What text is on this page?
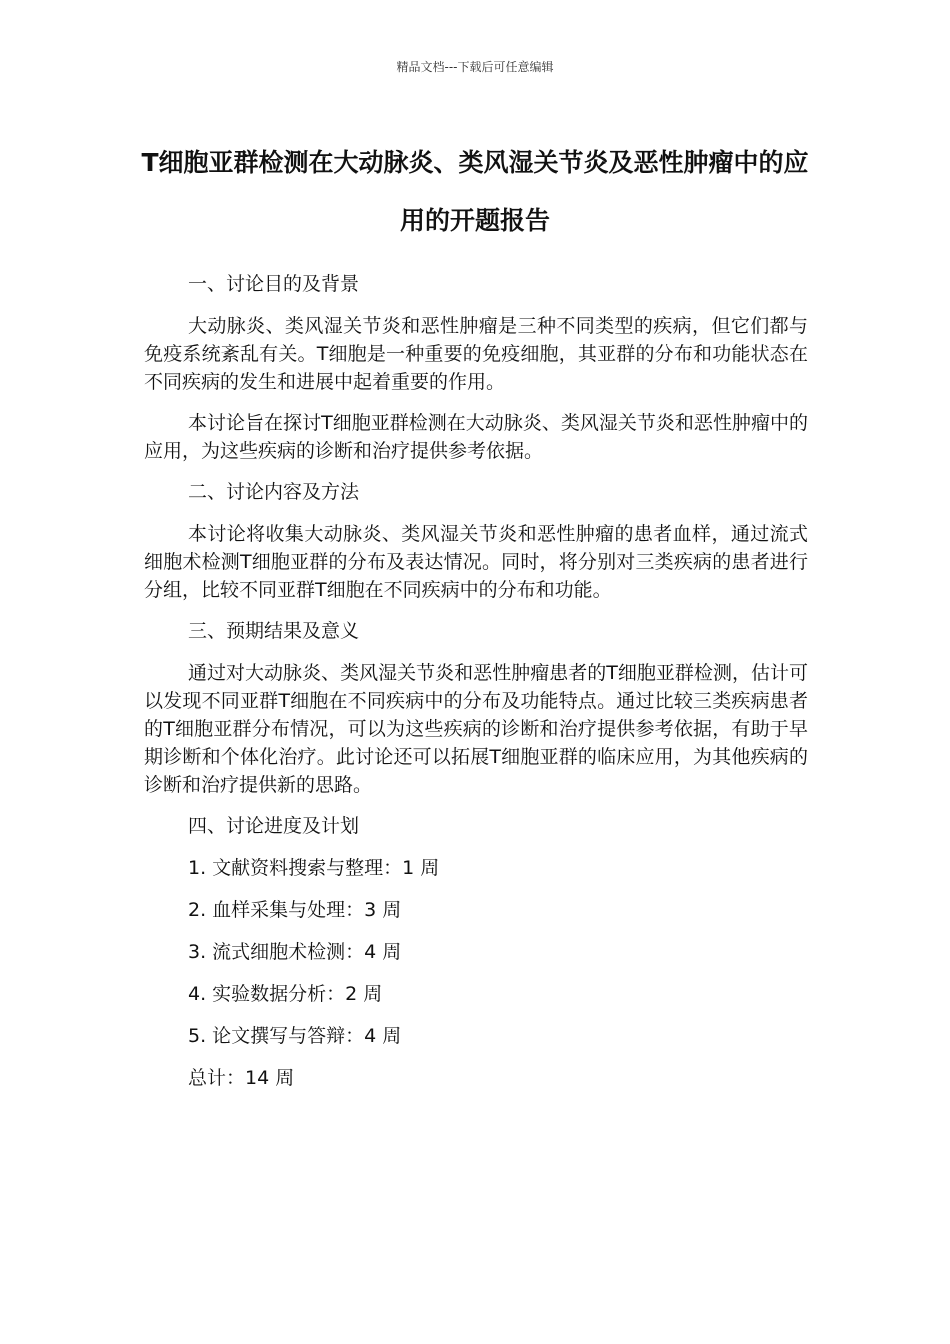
精品文档---下载后可任意编辑
T细胞亚群检测在大动脉炎、类风湿关节炎及恶性肿瘤中的应用的开题报告

一、讨论目的及背景

大动脉炎、类风湿关节炎和恶性肿瘤是三种不同类型的疾病，但它们都与免疫系统紊乱有关。T细胞是一种重要的免疫细胞，其亚群的分布和功能状态在不同疾病的发生和进展中起着重要的作用。

本讨论旨在探讨T细胞亚群检测在大动脉炎、类风湿关节炎和恶性肿瘤中的应用，为这些疾病的诊断和治疗提供参考依据。

二、讨论内容及方法

本讨论将收集大动脉炎、类风湿关节炎和恶性肿瘤的患者血样，通过流式细胞术检测T细胞亚群的分布及表达情况。同时，将分别对三类疾病的患者进行分组，比较不同亚群T细胞在不同疾病中的分布和功能。

三、预期结果及意义

通过对大动脉炎、类风湿关节炎和恶性肿瘤患者的T细胞亚群检测，估计可以发现不同亚群T细胞在不同疾病中的分布及功能特点。通过比较三类疾病患者的T细胞亚群分布情况，可以为这些疾病的诊断和治疗提供参考依据，有助于早期诊断和个体化治疗。此讨论还可以拓展T细胞亚群的临床应用，为其他疾病的诊断和治疗提供新的思路。

四、讨论进度及计划

1. 文献资料搜索与整理：1 周

2. 血样采集与处理：3 周

3. 流式细胞术检测：4 周

4. 实验数据分析：2 周

5. 论文撰写与答辩：4 周

总计：14 周
